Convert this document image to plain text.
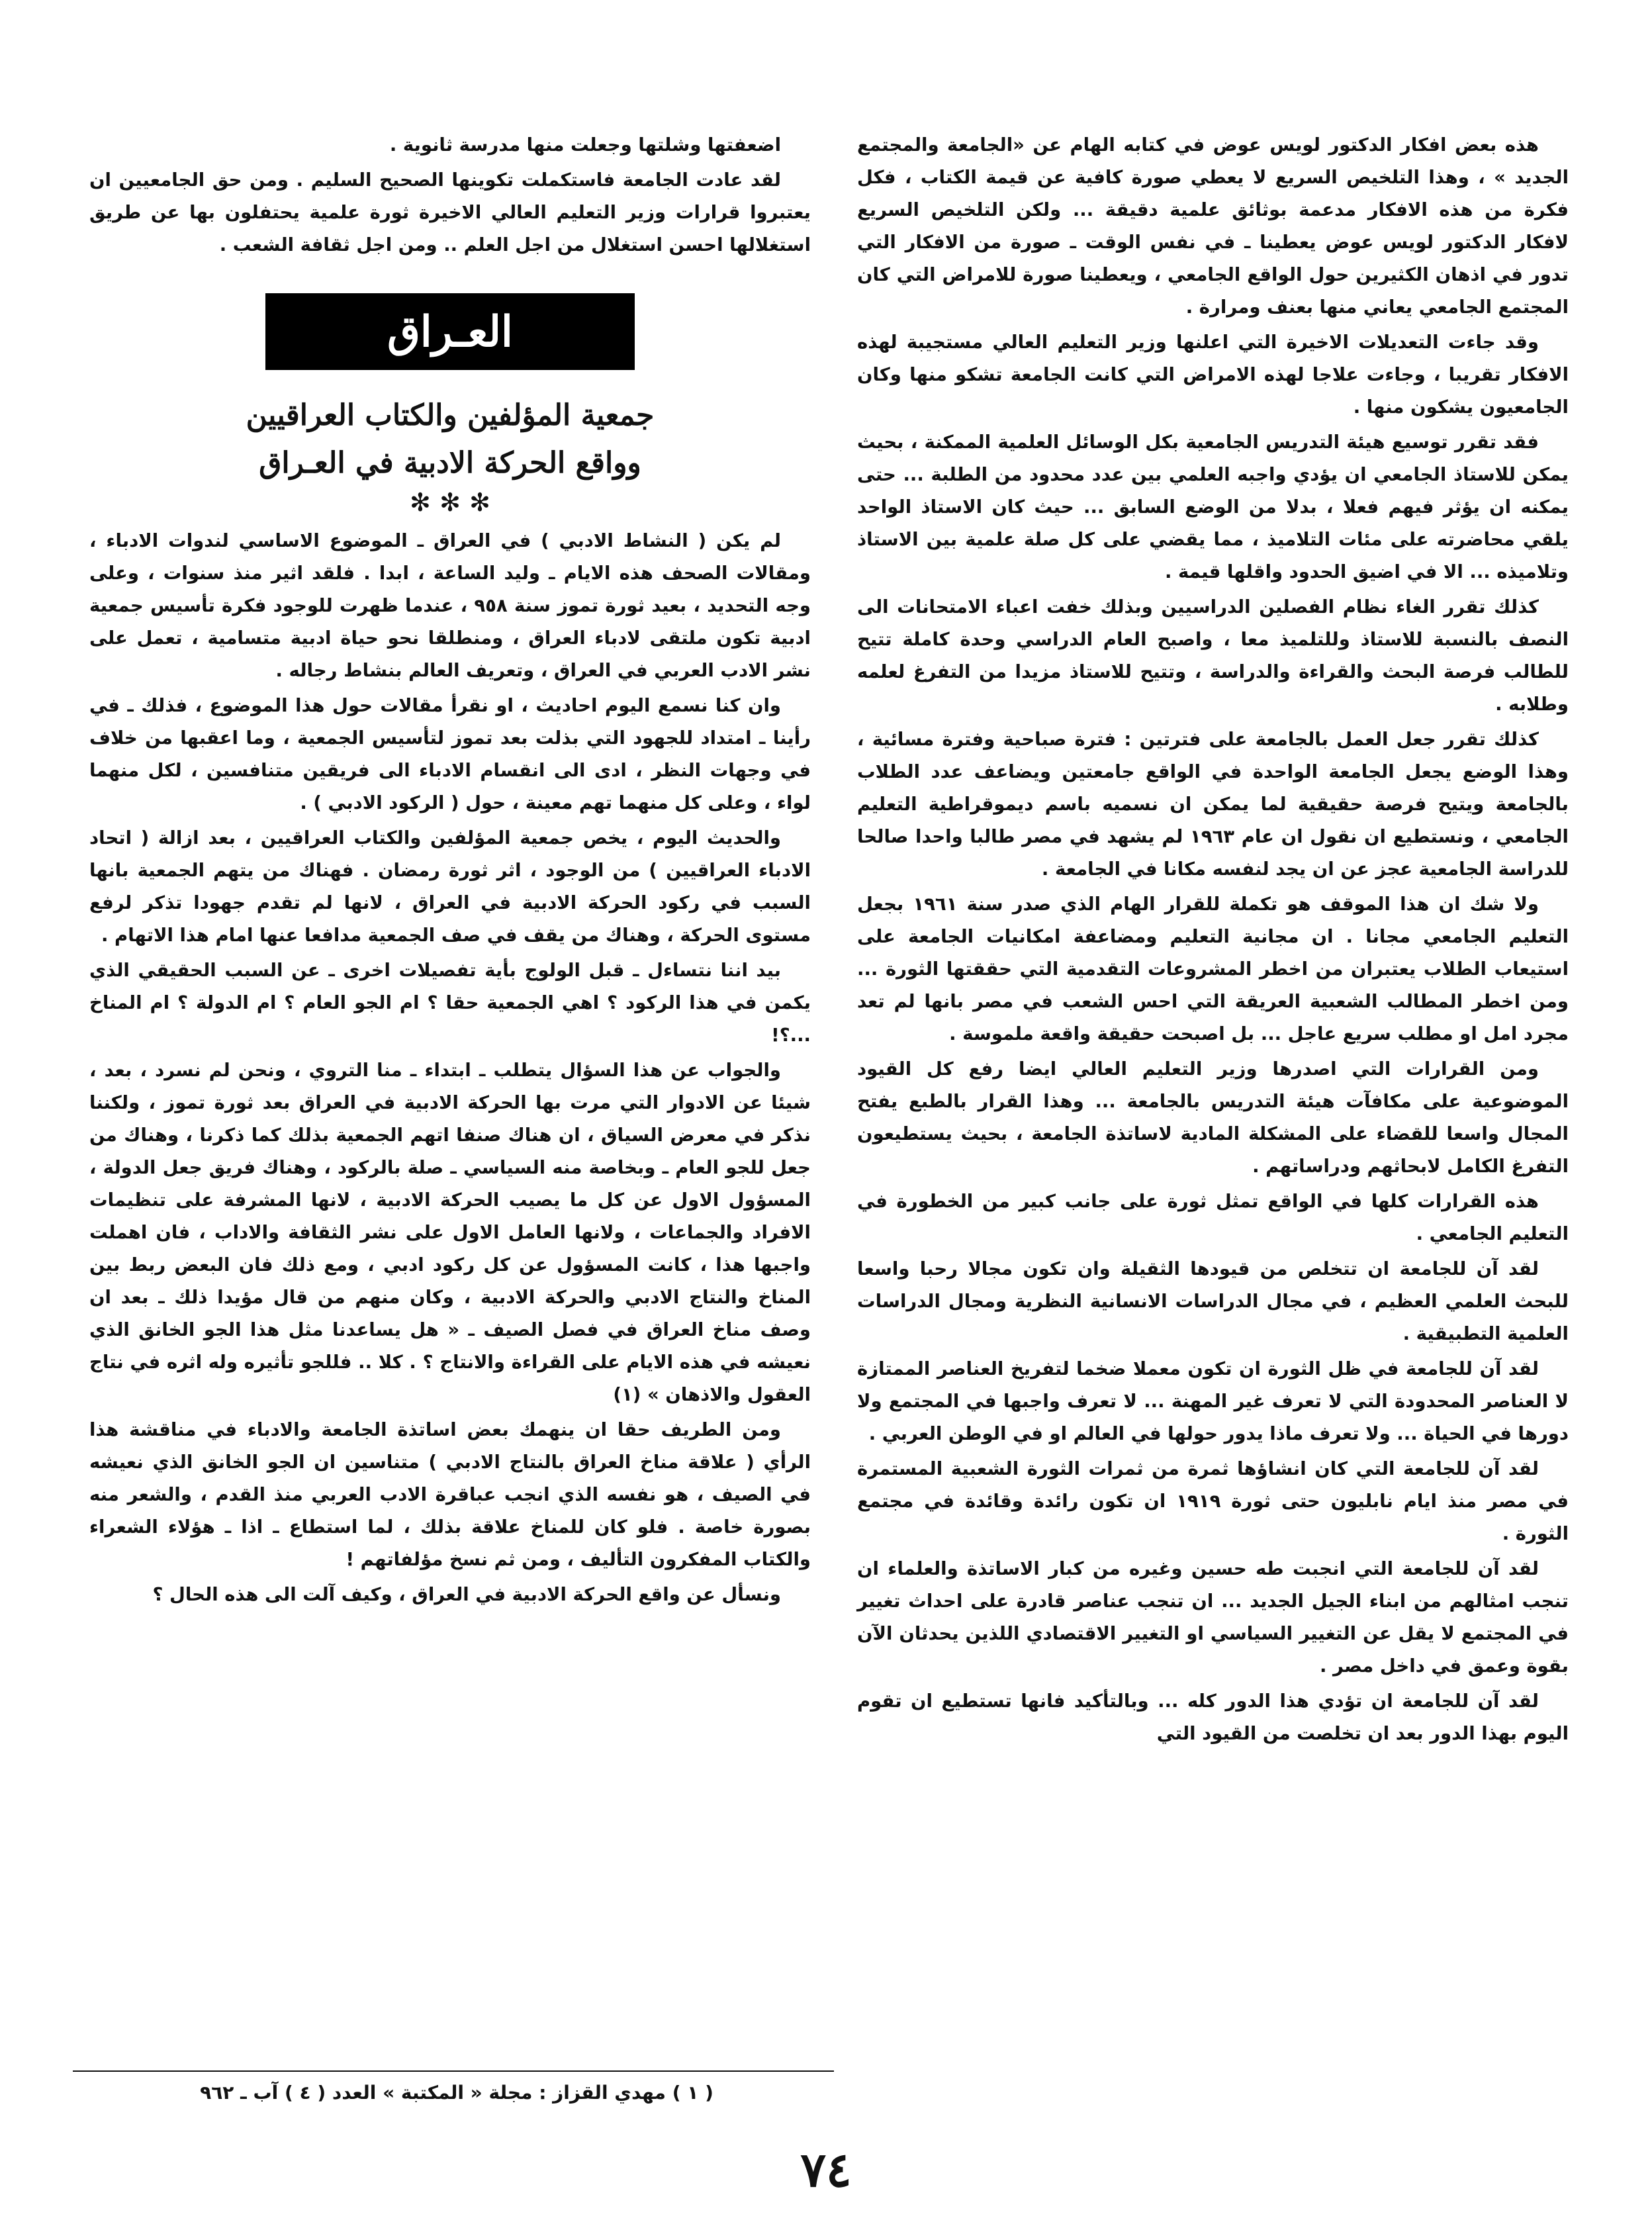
هذه بعض افكار الدكتور لويس عوض في كتابه الهام عن «الجامعة والمجتمع الجديد » ، وهذا التلخيص السريع لا يعطي صورة كافية عن قيمة الكتاب ، فكل فكرة من هذه الافكار مدعمة بوثائق علمية دقيقة ... ولكن التلخيص السريع لافكار الدكتور لويس عوض يعطينا ـ في نفس الوقت ـ صورة من الافكار التي تدور في اذهان الكثيرين حول الواقع الجامعي ، ويعطينا صورة للامراض التي كان المجتمع الجامعي يعاني منها بعنف ومرارة .

وقد جاءت التعديلات الاخيرة التي اعلنها وزير التعليم العالي مستجيبة لهذه الافكار تقريبا ، وجاءت علاجا لهذه الامراض التي كانت الجامعة تشكو منها وكان الجامعيون يشكون منها .

فقد تقرر توسيع هيئة التدريس الجامعية بكل الوسائل العلمية الممكنة ، بحيث يمكن للاستاذ الجامعي ان يؤدي واجبه العلمي بين عدد محدود من الطلبة ... حتى يمكنه ان يؤثر فيهم فعلا ، بدلا من الوضع السابق ... حيث كان الاستاذ الواحد يلقي محاضرته على مئات التلاميذ ، مما يقضي على كل صلة علمية بين الاستاذ وتلاميذه ... الا في اضيق الحدود واقلها قيمة .

كذلك تقرر الغاء نظام الفصلين الدراسيين وبذلك خفت اعباء الامتحانات الى النصف بالنسبة للاستاذ وللتلميذ معا ، واصبح العام الدراسي وحدة كاملة تتيح للطالب فرصة البحث والقراءة والدراسة ، وتتيح للاستاذ مزيدا من التفرغ لعلمه وطلابه .

كذلك تقرر جعل العمل بالجامعة على فترتين : فترة صباحية وفترة مسائية ، وهذا الوضع يجعل الجامعة الواحدة في الواقع جامعتين ويضاعف عدد الطلاب بالجامعة ويتيح فرصة حقيقية لما يمكن ان نسميه باسم ديموقراطية التعليم الجامعي ، ونستطيع ان نقول ان عام ١٩٦٣ لم يشهد في مصر طالبا واحدا صالحا للدراسة الجامعية عجز عن ان يجد لنفسه مكانا في الجامعة .

ولا شك ان هذا الموقف هو تكملة للقرار الهام الذي صدر سنة ١٩٦١ بجعل التعليم الجامعي مجانا . ان مجانية التعليم ومضاعفة امكانيات الجامعة على استيعاب الطلاب يعتبران من اخطر المشروعات التقدمية التي حققتها الثورة ... ومن اخطر المطالب الشعبية العريقة التي احس الشعب في مصر بانها لم تعد مجرد امل او مطلب سريع عاجل ... بل اصبحت حقيقة واقعة ملموسة .

ومن القرارات التي اصدرها وزير التعليم العالي ايضا رفع كل القيود الموضوعية على مكافآت هيئة التدريس بالجامعة ... وهذا القرار بالطبع يفتح المجال واسعا للقضاء على المشكلة المادية لاساتذة الجامعة ، بحيث يستطيعون التفرغ الكامل لابحاثهم ودراساتهم .

هذه القرارات كلها في الواقع تمثل ثورة على جانب كبير من الخطورة في التعليم الجامعي .

لقد آن للجامعة ان تتخلص من قيودها الثقيلة وان تكون مجالا رحبا واسعا للبحث العلمي العظيم ، في مجال الدراسات الانسانية النظرية ومجال الدراسات العلمية التطبيقية .

لقد آن للجامعة في ظل الثورة ان تكون معملا ضخما لتفريخ العناصر الممتازة لا العناصر المحدودة التي لا تعرف غير المهنة ... لا تعرف واجبها في المجتمع ولا دورها في الحياة ... ولا تعرف ماذا يدور حولها في العالم او في الوطن العربي .

لقد آن للجامعة التي كان انشاؤها ثمرة من ثمرات الثورة الشعبية المستمرة في مصر منذ ايام نابليون حتى ثورة ١٩١٩ ان تكون رائدة وقائدة في مجتمع الثورة .

لقد آن للجامعة التي انجبت طه حسين وغيره من كبار الاساتذة والعلماء ان تنجب امثالهم من ابناء الجيل الجديد ... ان تنجب عناصر قادرة على احداث تغيير في المجتمع لا يقل عن التغيير السياسي او التغيير الاقتصادي اللذين يحدثان الآن بقوة وعمق في داخل مصر .

لقد آن للجامعة ان تؤدي هذا الدور كله ... وبالتأكيد فانها تستطيع ان تقوم اليوم بهذا الدور بعد ان تخلصت من القيود التي

اضعفتها وشلتها وجعلت منها مدرسة ثانوية .

لقد عادت الجامعة فاستكملت تكوينها الصحيح السليم . ومن حق الجامعيين ان يعتبروا قرارات وزير التعليم العالي الاخيرة ثورة علمية يحتفلون بها عن طريق استغلالها احسن استغلال من اجل العلم .. ومن اجل ثقافة الشعب .

العـراق
جمعية المؤلفين والكتاب العراقيين
وواقع الحركة الادبية في العـراق
✻ ✻ ✻

لم يكن ( النشاط الادبي ) في العراق ـ الموضوع الاساسي لندوات الادباء ، ومقالات الصحف هذه الايام ـ وليد الساعة ، ابدا . فلقد اثير منذ سنوات ، وعلى وجه التحديد ، بعيد ثورة تموز سنة ٩٥٨ ، عندما ظهرت للوجود فكرة تأسيس جمعية ادبية تكون ملتقى لادباء العراق ، ومنطلقا نحو حياة ادبية متسامية ، تعمل على نشر الادب العربي في العراق ، وتعريف العالم بنشاط رجاله .

وان كنا نسمع اليوم احاديث ، او نقرأ مقالات حول هذا الموضوع ، فذلك ـ في رأينا ـ امتداد للجهود التي بذلت بعد تموز لتأسيس الجمعية ، وما اعقبها من خلاف في وجهات النظر ، ادى الى انقسام الادباء الى فريقين متنافسين ، لكل منهما لواء ، وعلى كل منهما تهم معينة ، حول ( الركود الادبي ) .

والحديث اليوم ، يخص جمعية المؤلفين والكتاب العراقيين ، بعد ازالة ( اتحاد الادباء العراقيين ) من الوجود ، اثر ثورة رمضان . فهناك من يتهم الجمعية بانها السبب في ركود الحركة الادبية في العراق ، لانها لم تقدم جهودا تذكر لرفع مستوى الحركة ، وهناك من يقف في صف الجمعية مدافعا عنها امام هذا الاتهام .

بيد اننا نتساءل ـ قبل الولوج بأية تفصيلات اخرى ـ عن السبب الحقيقي الذي يكمن في هذا الركود ؟ اهي الجمعية حقا ؟ ام الجو العام ؟ ام الدولة ؟ ام المناخ ...؟!

والجواب عن هذا السؤال يتطلب ـ ابتداء ـ منا التروي ، ونحن لم نسرد ، بعد ، شيئا عن الادوار التي مرت بها الحركة الادبية في العراق بعد ثورة تموز ، ولكننا نذكر في معرض السياق ، ان هناك صنفا اتهم الجمعية بذلك كما ذكرنا ، وهناك من جعل للجو العام ـ وبخاصة منه السياسي ـ صلة بالركود ، وهناك فريق جعل الدولة ، المسؤول الاول عن كل ما يصيب الحركة الادبية ، لانها المشرفة على تنظيمات الافراد والجماعات ، ولانها العامل الاول على نشر الثقافة والاداب ، فان اهملت واجبها هذا ، كانت المسؤول عن كل ركود ادبي ، ومع ذلك فان البعض ربط بين المناخ والنتاج الادبي والحركة الادبية ، وكان منهم من قال مؤيدا ذلك ـ بعد ان وصف مناخ العراق في فصل الصيف ـ « هل يساعدنا مثل هذا الجو الخانق الذي نعيشه في هذه الايام على القراءة والانتاج ؟ . كلا .. فللجو تأثيره وله اثره في نتاج العقول والاذهان » (١)

ومن الطريف حقا ان ينهمك بعض اساتذة الجامعة والادباء في مناقشة هذا الرأي ( علاقة مناخ العراق بالنتاج الادبي ) متناسين ان الجو الخانق الذي نعيشه في الصيف ، هو نفسه الذي انجب عباقرة الادب العربي منذ القدم ، والشعر منه بصورة خاصة . فلو كان للمناخ علاقة بذلك ، لما استطاع ـ اذا ـ هؤلاء الشعراء والكتاب المفكرون التأليف ، ومن ثم نسخ مؤلفاتهم !

ونسأل عن واقع الحركة الادبية في العراق ، وكيف آلت الى هذه الحال ؟

( ١ ) مهدي القزاز : مجلة « المكتبة » العدد ( ٤ ) آب ـ ٩٦٢
٧٤
